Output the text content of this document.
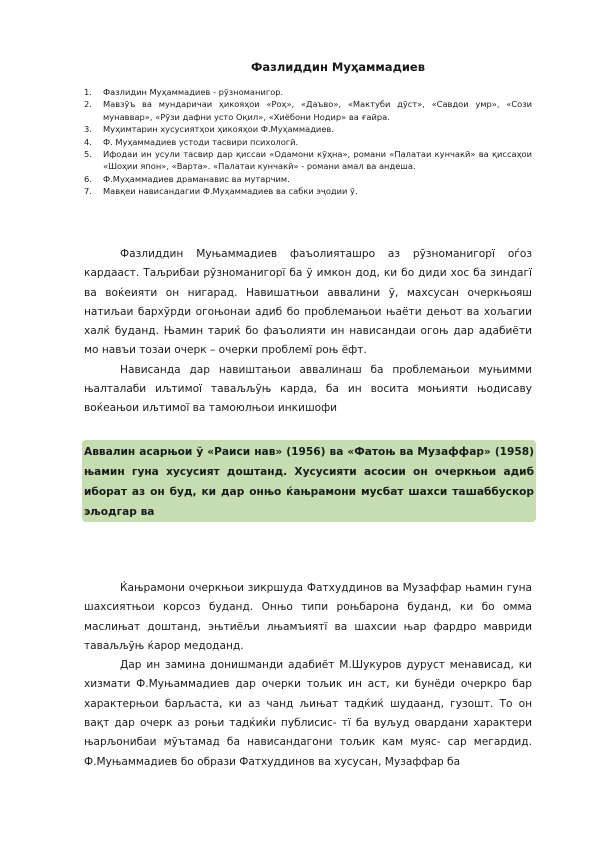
Фазлиддин Муҳаммадиев
1. Фазлидин Муҳаммадиев - рӯзноманигор.
2. Мавзӯъ ва мундаричаи ҳикояҳои «Роҳ», «Даъво», «Мактуби дӯст», «Савдои умр», «Сози мунаввар», «Рӯзи дафни усто Оқил», «Хиёбони Нодир» ва ғайра.
3. Муҳимтарин хусусиятҳои ҳикояҳои Ф.Муҳаммадиев.
4. Ф. Муҳаммадиев устоди тасвири психологӣ.
5. Ифодаи ин усули тасвир дар қиссаи «Одамони кӯҳна», романи «Палатаи кунчакӣ» ва қиссаҳои «Шоҳии япон», «Варта». «Палатаи кунчакӣ» - романи амал ва андеша.
6. Ф.Муҳаммадиев драманавис ва мутарчим.
7. Мавқеи нависандагии Ф.Муҳаммадиев ва сабки эҷодии ӯ.
Фазлиддин Муњаммадиев фаъолияташро аз рўзноманигорї оѓоз кардааст. Таљрибаи рўзноманигорї ба ў имкон дод, ки бо диди хос ба зиндагї ва воќеияти он нигарад. Навишатњои аввалини ў, махсусан очеркњояш натиљаи бархўрди огоњонаи адиб бо проблемањои њаёти дењот ва хољагии халќ буданд. Њамин тариќ бо фаъолияти ин нависандаи огоњ дар адабиёти мо навъи тозаи очерк – очерки проблемї роњ ёфт.
Нависанда дар навиштањои аввалинаш ба проблемањои муњимми њалталаби иљтимої таваљљўњ карда, ба ин восита моњияти њодисаву воќеањои иљтимої ва тамоюлњои инкишофи

Аввалин асарњои ў «Раиси нав» (1956) ва «Фатоњ ва Музаффар» (1958) њамин гуна хусусият доштанд. Хусусияти асосии он очеркњои адиб иборат аз он буд, ки дар онњо ќањрамони мусбат шахси ташаббускор эљодгар ва

Ќањрамони очеркњои зикршуда Фатхуддинов ва Музаффар њамин гуна шахсиятњои корсоз буданд. Онњо типи роњбарона буданд, ки бо омма маслињат доштанд, эњтиёљи лњамъиятї ва шахсии њар фардро мавриди таваљљўњ ќарор медоданд.
Дар ин замина донишманди адабиёт М.Шукуров дуруст менависад, ки хизмати Ф.Муњаммадиев дар очерки тољик ин аст, ки бунёди очеркро бар характерњои барљаста, ки аз чанд љињат тадќиќ шудаанд, гузошт. То он вақт дар очерк аз роњи тадќиќи публисис- тї ба вуљуд овардани характери њарљонибаи мўътамад ба нависандагони тољик кам муяс- сар мегардид. Ф.Муњаммадиев бо образи Фатхуддинов ва хусусан, Музаффар ба
